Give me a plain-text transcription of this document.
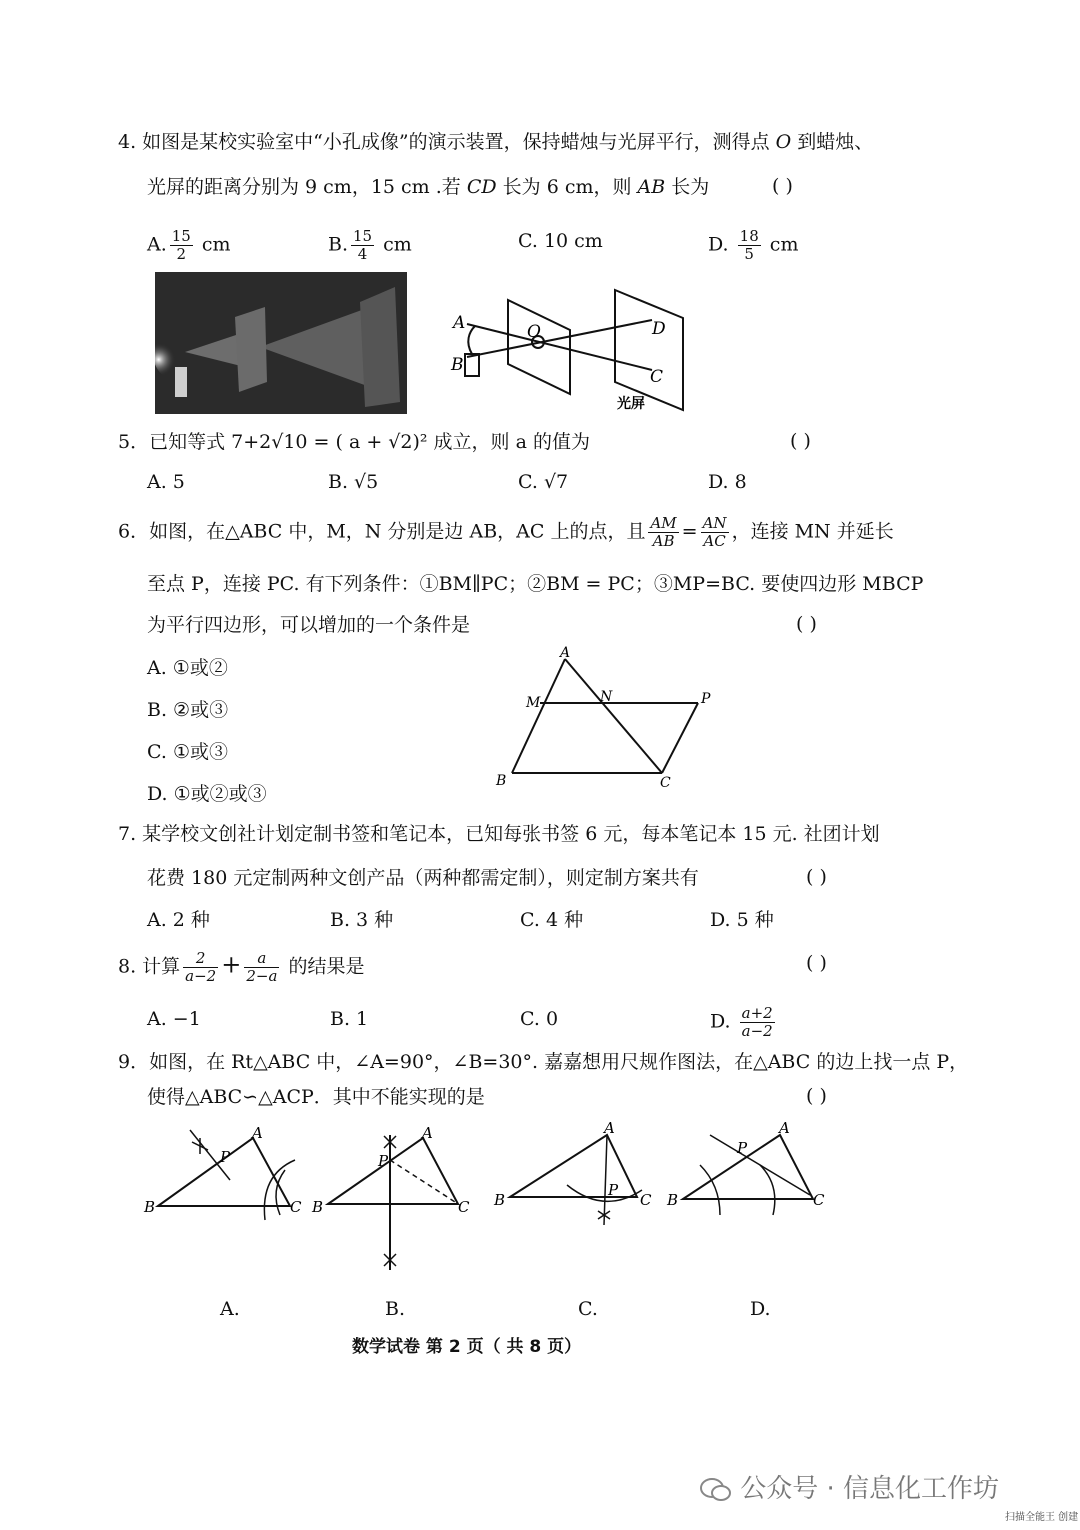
4. 如图是某校实验室中“小孔成像”的演示装置，保持蜡烛与光屏平行，测得点 O 到蜡烛、
光屏的距离分别为 9 cm，15 cm .若 CD 长为 6 cm，则 AB 长为	( )
A. $\frac{15}{2}$ cm	B. $\frac{15}{4}$ cm	C. 10 cm	D. $\frac{18}{5}$ cm
A
B
O	D
C
光屏
5．已知等式 7+2√10 = ( a + √2)² 成立，则 a 的值为	( )
A. 5	B. √5	C. √7	D. 8
6．如图，在△ABC 中，M，N 分别是边 AB，AC 上的点，且 $\frac{AM}{AB} = \frac{AN}{AC}$ ，连接 MN 并延长
至点 P，连接 PC. 有下列条件：①BM∥PC；②BM = PC；③MP=BC. 要使四边形 MBCP
为平行四边形，可以增加的一个条件是	( )
A. ①或②
B. ②或③
C. ①或③
D. ①或②或③
A
M	N	P
B	C
7. 某学校文创社计划定制书签和笔记本，已知每张书签 6 元，每本笔记本 15 元. 社团计划
花费 180 元定制两种文创产品（两种都需定制），则定制方案共有	( )
A. 2 种	B. 3 种	C. 4 种	D. 5 种
8. 计算 $\frac{2}{a-2} + \frac{a}{2-a}$ 的结果是	( )
A. −1	B. 1	C. 0	D. $\frac{a+2}{a-2}$
9．如图，在 Rt△ABC 中，∠A=90°，∠B=30°. 嘉嘉想用尺规作图法，在△ABC 的边上找一点 P，
使得△ABC∽△ACP．其中不能实现的是	( )
A
P
B	C
A
P
B	C
A
P
B	C
A
P
B	C
A.	B.	C.	D.
数学试卷 第 2 页（ 共 8 页）
公众号 · 信息化工作坊
扫描全能王 创建
